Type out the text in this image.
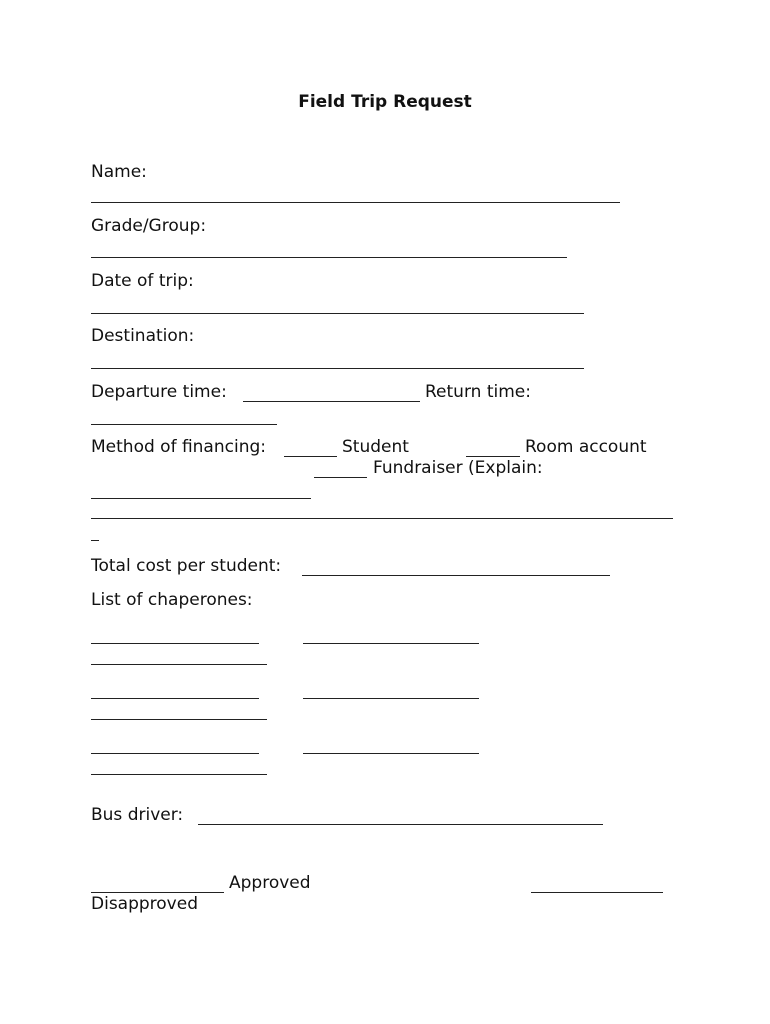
Field Trip Request
Name:
Grade/Group:
Date of trip:
Destination:
Departure time:	Return time:
Method of financing:	Student	Room account
Fundraiser (Explain:
Total cost per student:
List of chaperones:
Bus driver:
Approved
Disapproved
